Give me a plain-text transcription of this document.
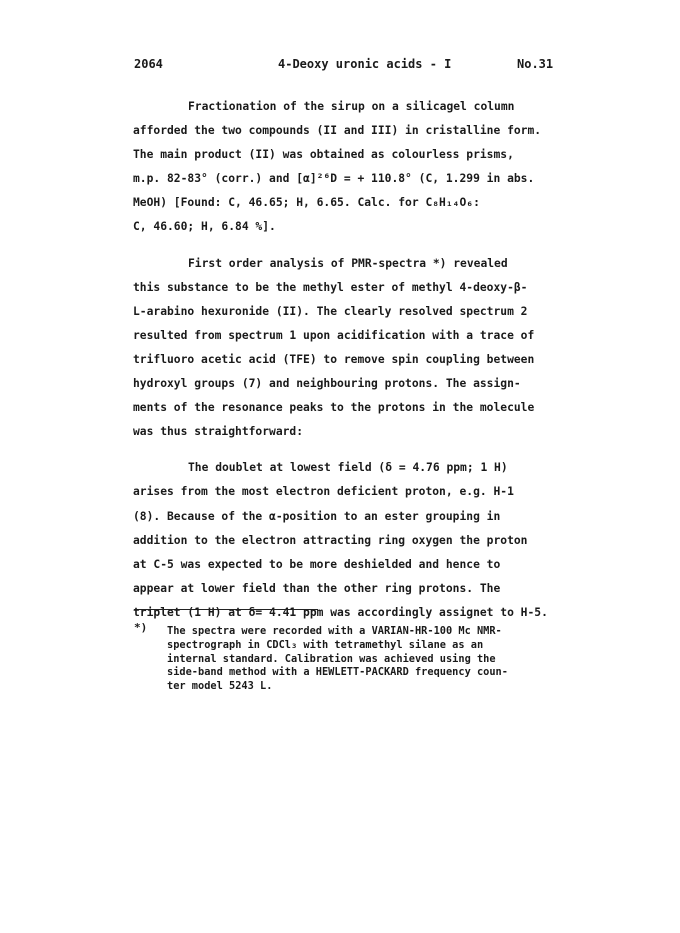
2064	4-Deoxy uronic acids - I	No.31
Fractionation of the sirup on a silicagel column
afforded the two compounds (II and III) in cristalline form.
The main product (II) was obtained as colourless prisms,
m.p. 82-83° (corr.) and [α]²⁶D = + 110.8° (C, 1.299 in abs.
MeOH) [Found: C, 46.65; H, 6.65. Calc. for C₈H₁₄O₆:
C, 46.60; H, 6.84 %].
First order analysis of PMR-spectra *) revealed
this substance to be the methyl ester of methyl 4-deoxy-β-
L-arabino hexuronide (II). The clearly resolved spectrum 2
resulted from spectrum 1 upon acidification with a trace of
trifluoro acetic acid (TFE) to remove spin coupling between
hydroxyl groups (7) and neighbouring protons. The assign-
ments of the resonance peaks to the protons in the molecule
was thus straightforward:
The doublet at lowest field (δ = 4.76 ppm; 1 H)
arises from the most electron deficient proton, e.g. H-1
(8). Because of the α-position to an ester grouping in
addition to the electron attracting ring oxygen the proton
at C-5 was expected to be more deshielded and hence to
appear at lower field than the other ring protons. The
triplet (1 H) at δ= 4.41 ppm was accordingly assignet to H-5.
*) The spectra were recorded with a VARIAN-HR-100 Mc NMR-
spectrograph in CDCl₃ with tetramethyl silane as an
internal standard. Calibration was achieved using the
side-band method with a HEWLETT-PACKARD frequency coun-
ter model 5243 L.
